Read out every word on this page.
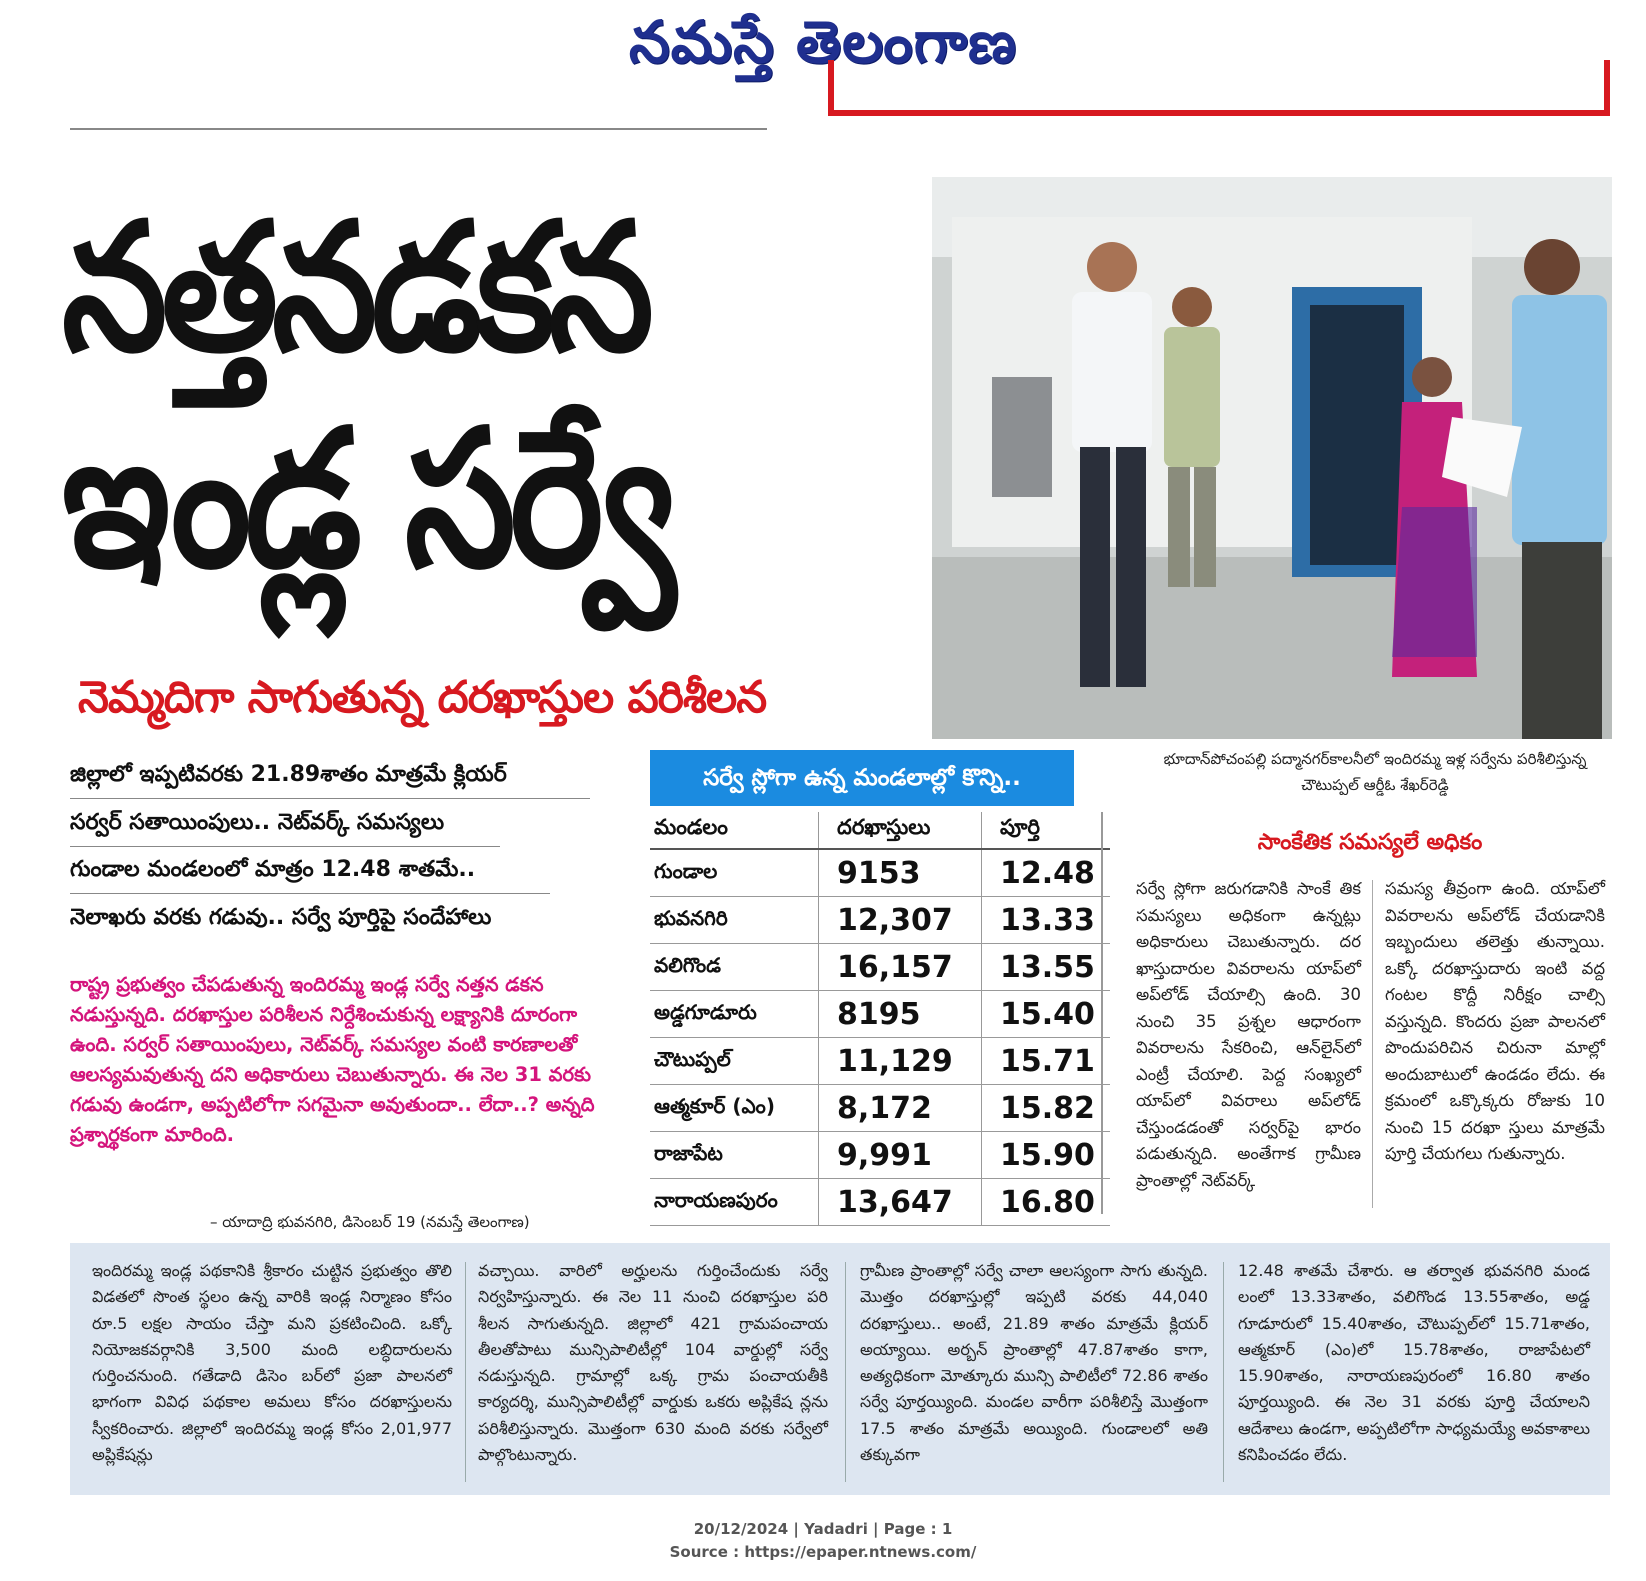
నమస్తే తెలంగాణ
నత్తనడకన
ఇండ్ల సర్వే
నెమ్మదిగా సాగుతున్న దరఖాస్తుల పరిశీలన
భూదాన్‌పోచంపల్లి పద్మానగర్‌కాలనీలో ఇందిరమ్మ ఇళ్ల సర్వేను పరిశీలిస్తున్న చౌటుప్పల్ ఆర్డీఓ శేఖర్‌రెడ్డి
జిల్లాలో ఇప్పటివరకు 21.89శాతం మాత్రమే క్లియర్
సర్వర్ సతాయింపులు.. నెట్‌వర్క్ సమస్యలు
గుండాల మండలంలో మాత్రం 12.48 శాతమే..
నెలాఖరు వరకు గడువు.. సర్వే పూర్తిపై సందేహాలు
రాష్ట్ర ప్రభుత్వం చేపడుతున్న ఇందిరమ్మ ఇండ్ల సర్వే నత్తన డకన నడుస్తున్నది. దరఖాస్తుల పరిశీలన నిర్దేశించుకున్న లక్ష్యానికి దూరంగా ఉంది. సర్వర్ సతాయింపులు, నెట్‌వర్క్ సమస్యల వంటి కారణాలతో ఆలస్యమవుతున్న దని అధికారులు చెబుతున్నారు. ఈ నెల 31 వరకు గడువు ఉండగా, అప్పటిలోగా సగమైనా అవుతుందా.. లేదా..? అన్నది ప్రశ్నార్థకంగా మారింది.
– యాదాద్రి భువనగిరి, డిసెంబర్ 19 (నమస్తే తెలంగాణ)
సర్వే స్లోగా ఉన్న మండలాల్లో కొన్ని..
మండలం	దరఖాస్తులు	పూర్తి
గుండాల	9153	12.48
భువనగిరి	12,307	13.33
వలిగొండ	16,157	13.55
అడ్డగూడూరు	8195	15.40
చౌటుప్పల్	11,129	15.71
ఆత్మకూర్ (ఎం)	8,172	15.82
రాజాపేట	9,991	15.90
నారాయణపురం	13,647	16.80
సాంకేతిక సమస్యలే అధికం
సర్వే స్లోగా జరుగడానికి సాంకే తిక సమస్యలు అధికంగా ఉన్నట్లు అధికారులు చెబుతున్నారు. దర ఖాస్తుదారుల వివరాలను యాప్‌లో అప్‌లోడ్ చేయాల్సి ఉంది. 30 నుంచి 35 ప్రశ్నల ఆధారంగా వివరాలను సేకరించి, ఆన్‌లైన్‌లో ఎంట్రీ చేయాలి. పెద్ద సంఖ్యలో యాప్‌లో వివరాలు అప్‌లోడ్ చేస్తుండడంతో సర్వర్‌పై భారం పడుతున్నది. అంతేగాక గ్రామీణ ప్రాంతాల్లో నెట్‌వర్క్
సమస్య తీవ్రంగా ఉంది. యాప్‌లో వివరాలను అప్‌లోడ్ చేయడానికి ఇబ్బందులు తలెత్తు తున్నాయి. ఒక్కో దరఖాస్తుదారు ఇంటి వద్ద గంటల కొద్దీ నిరీక్షం చాల్సి వస్తున్నది. కొందరు ప్రజా పాలనలో పొందుపరిచిన చిరునా మాల్లో అందుబాటులో ఉండడం లేదు. ఈ క్రమంలో ఒక్కొక్కరు రోజుకు 10 నుంచి 15 దరఖా స్తులు మాత్రమే పూర్తి చేయగలు గుతున్నారు.
ఇందిరమ్మ ఇండ్ల పథకానికి శ్రీకారం చుట్టిన ప్రభుత్వం తొలి విడతలో సొంత స్థలం ఉన్న వారికి ఇండ్ల నిర్మాణం కోసం రూ.5 లక్షల సాయం చేస్తా మని ప్రకటించింది. ఒక్కో నియోజకవర్గానికి 3,500 మంది లబ్ధిదారులను గుర్తించనుంది. గతేడాది డిసెం బర్‌లో ప్రజా పాలనలో భాగంగా వివిధ పథకాల అమలు కోసం దరఖాస్తులను స్వీకరించారు. జిల్లాలో ఇందిరమ్మ ఇండ్ల కోసం 2,01,977 అప్లికేషన్లు
వచ్చాయి. వారిలో అర్హులను గుర్తించేందుకు సర్వే నిర్వహిస్తున్నారు. ఈ నెల 11 నుంచి దరఖాస్తుల పరి శీలన సాగుతున్నది. జిల్లాలో 421 గ్రామపంచాయ తీలతోపాటు మున్సిపాలిటీల్లో 104 వార్డుల్లో సర్వే నడుస్తున్నది. గ్రామాల్లో ఒక్క గ్రామ పంచాయతీకి కార్యదర్శి, మున్సిపాలిటీల్లో వార్డుకు ఒకరు అప్లికేష న్లను పరిశీలిస్తున్నారు. మొత్తంగా 630 మంది వరకు సర్వేలో పాల్గొంటున్నారు.
గ్రామీణ ప్రాంతాల్లో సర్వే చాలా ఆలస్యంగా సాగు తున్నది. మొత్తం దరఖాస్తుల్లో ఇప్పటి వరకు 44,040 దరఖాస్తులు.. అంటే, 21.89 శాతం మాత్రమే క్లియర్ అయ్యాయి. అర్బన్ ప్రాంతాల్లో 47.87శాతం కాగా, అత్యధికంగా మోత్కూరు మున్సి పాలిటీలో 72.86 శాతం సర్వే పూర్తయ్యింది. మండల వారీగా పరిశీలిస్తే మొత్తంగా 17.5 శాతం మాత్రమే అయ్యింది. గుండాలలో అతి తక్కువగా
12.48 శాతమే చేశారు. ఆ తర్వాత భువనగిరి మండ లంలో 13.33శాతం, వలిగొండ 13.55శాతం, అడ్డ గూడూరులో 15.40శాతం, చౌటుప్పల్‌లో 15.71శాతం, ఆత్మకూర్ (ఎం)లో 15.78శాతం, రాజాపేటలో 15.90శాతం, నారాయణపురంలో 16.80 శాతం పూర్తయ్యింది. ఈ నెల 31 వరకు పూర్తి చేయాలని ఆదేశాలు ఉండగా, అప్పటిలోగా సాధ్యమయ్యే అవకాశాలు కనిపించడం లేదు.
20/12/2024 | Yadadri | Page : 1
Source : https://epaper.ntnews.com/
